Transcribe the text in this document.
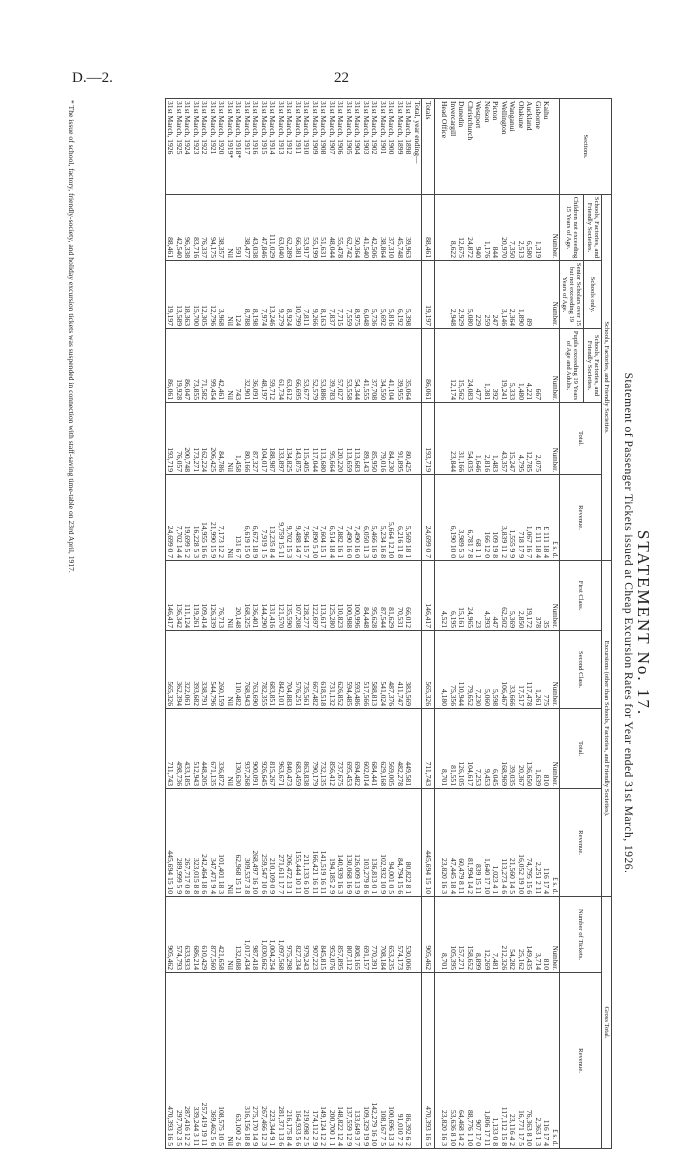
D.—2.	22
STATEMENT No. 17.
Statement of Passenger Tickets issued at Cheap Excursion Rates for Year ended 31st March, 1926.
Sections.	Schools, Factories, and Friendly Societies.					Excursions (other than Schools, Factories, and Friendly Societies).				Gross Total.	
	Schools, Factories, and Friendly Societies.	Schools only.	Schools, Factories, and Friendly Societies.	Total.	Revenue.	First Class.	Second Class.	Total.	Revenue.	Number of Tickets.	Revenue.
	Children not exceeding 15 Years of Age.	Senior Scholars over 15 but not exceeding 19 Years of Age.	Pupils exceeding 19 Years of Age and Adults.								
	Number.	Number.	Number.	Number.	£ s. d.	Number.	Number.	Number.	£ s. d.	Number.	£ s. d.
Kaihu					£ 111 18 4	35	775	810	116 17 4	810	116 17 4
Gisborne	1,319		667	2,075	£ 111 18 4	378	1,261	1,639	2,251 2 11	3,714	2,363 1 3
Auckland	6,580	89	4,221	12,785	1,067 16 7	19,172	117,478	136,650	74,795 15 6	149,435	76,363 8 10
Ohakune	2,513	1,890	1,480	4,795	718 17 9	2,850	17,517	20,367	16,052 19 10	25,162	16,771 17 5
Wanganui	7,350	2,364	5,333	15,247	1,555 9 9	5,369	33,666	39,035	21,560 14 5	54,282	23,116 4 2
Wellington	20,970	3,146	19,241	43,357	3,839 11 2	62,502	106,467	168,969	113,273 4 6	212,326	117,112 15 8
Picton	844	247	392	1,483	109 19 8	447	5,598	6,045	1,023 4 1	7,481	1,133 0 8
Nelson	1,176	259	1,381	2,816	166 12 0	4,393	5,060	9,453	1,640 17 10	12,269	1,806 17 11
Westport	940	229	477	1,646	68 1 1	23	7,230	7,253	839 15 11	8,899	907 17 0
Christchurch	24,872	5,080	24,083	54,035	6,781 7 8	24,965	79,652	104,617	81,994 14 2	158,652	88,776 1 10
Dunedin	12,675	2,929	15,562	31,166	3,989 5 3	15,161	110,944	126,105	60,479 8 11	157,271	64,468 14 2
Invercargill	8,622	2,948	12,174	23,844	6,190 10 0	6,195	75,356	81,551	47,445 18 4	105,395	53,636 8 10
Head Office						4,521	4,180	8,701	23,820 16 3	8,701	23,820 16 3

Totals	88,461	19,197	86,061	193,719	24,699 0 7	146,417	565,326	711,743	445,694 15 10	905,462	470,393 16 5
Total, year ending—											
31st March, 1898	39,963	5,398	35,064	80,425	5,569 18 1	66,012	383,569	449,581	80,822 8 1	530,006	86,392 6 2
31st March, 1899	45,748	6,192	39,955	91,895	6,216 11 8	70,531	411,747	482,278	84,794 15 6	574,173	91,010 7 2
31st March, 1900	37,310	5,816	41,104	84,230	5,664 12 10	81,629	487,376	569,005	94,001 0 5	653,235	100,696 13 3
31st March, 1901	38,864	5,692	34,550	79,016	5,234 16 8	87,544	541,024	629,168	102,932 10 9	708,184	108,167 7 5
31st March, 1902	42,506	5,736	37,708	85,950	5,466 16 9	95,628	588,813	684,441	136,813 0 1	770,391	142,279 16 10
31st March, 1903	41,540	6,048	41,555	89,143	6,050 11 3	84,448	517,566	602,014	103,279 8 6	691,157	109,329 19 9
31st March, 1904	50,364	8,975	54,344	113,683	7,490 16 0	100,996	593,486	694,482	126,009 13 9	808,165	133,649 3 7
31st March, 1905	62,742	7,559	53,558	113,659	7,490 16 0	100,988	594,485	695,453	130,068 16 9	807,112	137,559 12 9
31st March, 1906	55,478	7,715	57,027	120,220	7,882 16 1	110,823	626,852	737,675	140,939 16 3	857,895	148,822 12 4
31st March, 1907	48,044	7,837	39,783	95,664	6,514 18 4	125,280	731,132	856,412	194,185 2 9	952,076	200,700 1 1
31st March, 1908	51,631	8,163	53,886	113,680	7,604 15 1	113,617	618,518	732,135	141,519 16 11	845,815	149,124 12 2
31st March, 1909	55,199	9,266	52,579	117,044	7,890 5 10	122,697	667,482	790,179	166,421 16 11	907,223	174,112 2 9
31st March, 1910	53,917	7,811	53,677	115,405	7,964 15 7	128,277	735,561	863,838	211,133 6 10	979,243	219,098 2 5
31st March, 1911	66,381	10,799	66,695	143,875	9,488 14 7	107,208	576,251	683,459	155,444 10 11	827,334	164,933 5 6
31st March, 1912	62,289	8,924	63,612	134,825	9,702 15 3	135,590	704,883	840,473	206,472 13 1	975,298	216,175 8 4
31st March, 1913	63,040	9,279	61,734	133,897	9,759 15 11	121,570	842,101	963,671	271,611 17 7	1,097,568	281,371 13 6
31st March, 1914	111,029	13,246	59,712	188,987	13,235 8 4	131,416	683,851	815,267	210,109 0 9	1,004,254	223,344 9 1
31st March, 1915	47,846	7,974	48,197	104,017	7,919 1 5	144,290	782,355	926,645	259,547 10 6	1,030,662	267,466 12 3
31st March, 1916	43,038	8,198	36,091	87,327	6,672 18 9	136,401	763,690	900,091	268,497 16 10	987,418	275,170 14 9
31st March, 1917	38,477	8,788	32,901	80,166	6,619 15 0	168,325	768,943	937,268	309,537 3 8	1,017,434	316,156 18 8
31st March, 1918*	591	124	743	1,458	131 6 7	20,148	110,482	130,630	62,968 15 11	132,088	63,100 2 6
31st March, 1919*	Nil	Nil	Nil	Nil	Nil	Nil	Nil	Nil	Nil	Nil	Nil
31st March, 1920	38,357	3,968	42,461	84,786	7,173 12 2	76,713	260,159	336,872	101,401 18 3	421,658	108,575 10 5
31st March, 1921	94,175	12,796	99,454	206,425	21,990 15 9	126,339	544,796	671,135	347,471 9 4	877,560	369,462 5 6
31st March, 1922	76,337	12,305	71,582	162,224	14,955 16 6	109,414	338,791	448,205	242,464 18 6	610,429	257,419 19 11
31st March, 1923	83,716	15,700	73,855	173,271	16,228 5 3	119,261	393,682	512,943	323,015 8 8	686,214	339,244 3 11
31st March, 1924	96,338	18,363	86,047	200,748	19,699 5 2	111,124	322,061	433,185	267,717 0 8	633,933	287,416 12 2
31st March, 1925	42,540	13,589	19,928	76,057	7,702 14 4	136,342	362,394	498,736	289,999 5 9	574,793	297,702 3 5
31st March, 1926	88,461	19,197	86,061	193,719	24,699 0 7	146,417	565,326	711,743	445,694 15 10	905,462	470,393 16 5
* The issue of school, factory, friendly-society, and holiday excursion tickets was suspended in connection with staff-saving time-table on 23rd April, 1917.
